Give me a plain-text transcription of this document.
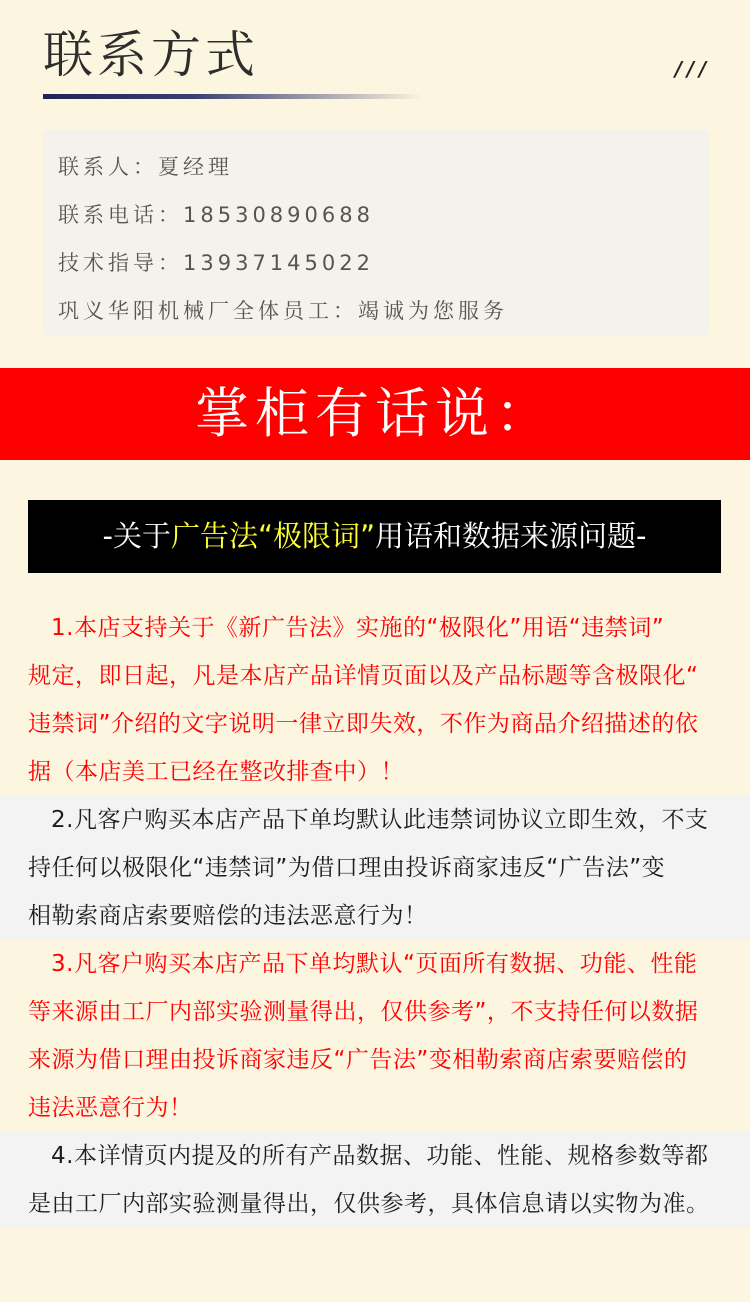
联系方式	///
联系人：夏经理
联系电话：18530890688
技术指导：13937145022
巩义华阳机械厂全体员工：竭诚为您服务
掌柜有话说：
-关于广告法“极限词”用语和数据来源问题-
1.本店支持关于《新广告法》实施的“极限化”用语“违禁词”
规定，即日起，凡是本店产品详情页面以及产品标题等含极限化“
违禁词”介绍的文字说明一律立即失效，不作为商品介绍描述的依
据（本店美工已经在整改排查中）！
2.凡客户购买本店产品下单均默认此违禁词协议立即生效，不支
持任何以极限化“违禁词”为借口理由投诉商家违反“广告法”变
相勒索商店索要赔偿的违法恶意行为！
3.凡客户购买本店产品下单均默认“页面所有数据、功能、性能
等来源由工厂内部实验测量得出，仅供参考”，不支持任何以数据
来源为借口理由投诉商家违反“广告法”变相勒索商店索要赔偿的
违法恶意行为！
4.本详情页内提及的所有产品数据、功能、性能、规格参数等都
是由工厂内部实验测量得出，仅供参考，具体信息请以实物为准。
